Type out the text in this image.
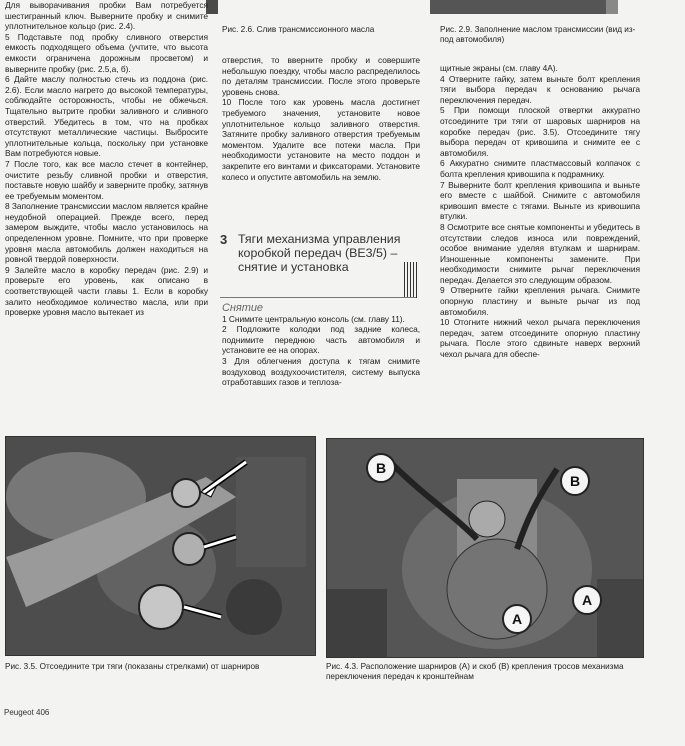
Для выворачивания пробки Вам потребуется шестигранный ключ. Выверните пробку и снимите уплотнительное кольцо (рис. 2.4).

5 Подставьте под пробку сливного отверстия емкость подходящего объема (учтите, что высота емкости ограничена дорожным просветом) и выверните пробку (рис. 2.5,а, б).

6 Дайте маслу полностью стечь из поддона (рис. 2.6). Если масло нагрето до высокой температуры, соблюдайте осторожность, чтобы не обжечься. Тщательно вытрите пробки заливного и сливного отверстий. Убедитесь в том, что на пробках отсутствуют металлические частицы. Выбросите уплотнительные кольца, поскольку при установке Вам потребуются новые.

7 После того, как все масло стечет в контейнер, очистите резьбу сливной пробки и отверстия, поставьте новую шайбу и заверните пробку, затянув ее требуемым моментом.

8 Заполнение трансмиссии маслом является крайне неудобной операцией. Прежде всего, перед замером выждите, чтобы масло установилось на определенном уровне. Помните, что при проверке уровня масла автомобиль должен находиться на ровной твердой поверхности.

9 Залейте масло в коробку передач (рис. 2.9) и проверьте его уровень, как описано в соответствующей части главы 1. Если в коробку залито необходимое количество масла, или при проверке уровня масло вытекает из

Рис. 2.6. Слив трансмиссионного масла

отверстия, то вверните пробку и совершите небольшую поездку, чтобы масло распределилось по деталям трансмиссии. После этого проверьте уровень снова.

10 После того как уровень масла достигнет требуемого значения, установите новое уплотнительное кольцо заливного отверстия. Затяните пробку заливного отверстия требуемым моментом. Удалите все потеки масла. При необходимости установите на место поддон и закрепите его винтами и фиксаторами. Установите колесо и опустите автомобиль на землю.

3 Тяги механизма управления коробкой передач (BE3/5) – снятие и установка

Снятие

1 Снимите центральную консоль (см. главу 11).

2 Подложите колодки под задние колеса, поднимите переднюю часть автомобиля и установите ее на опорах.

3 Для облегчения доступа к тягам снимите воздуховод воздухоочистителя, систему выпуска отработавших газов и теплоза-

Рис. 2.9. Заполнение маслом трансмиссии (вид из-под автомобиля)

щитные экраны (см. главу 4А).

4 Отверните гайку, затем выньте болт крепления тяги выбора передач к основанию рычага переключения передач.

5 При помощи плоской отвертки аккуратно отсоедините три тяги от шаровых шарниров на коробке передач (рис. 3.5). Отсоедините тягу выбора передач от кривошипа и снимите ее с автомобиля.

6 Аккуратно снимите пластмассовый колпачок с болта крепления кривошипа к подрамнику.

7 Выверните болт крепления кривошипа и выньте его вместе с шайбой. Снимите с автомобиля кривошип вместе с тягами. Выньте из кривошипа втулки.

8 Осмотрите все снятые компоненты и убедитесь в отсутствии следов износа или повреждений, особое внимание уделяя втулкам и шарнирам. Изношенные компоненты замените. При необходимости снимите рычаг переключения передач. Делается это следующим образом.

9 Отверните гайки крепления рычага. Снимите опорную пластину и выньте рычаг из под автомобиля.

10 Отогните нижний чехол рычага переключения передач, затем отсоедините опорную пластину рычага. После этого сдвиньте наверх верхний чехол рычага для обеспе-

Рис. 3.5. Отсоедините три тяги (показаны стрелками) от шарниров
B
B
A
A
Рис. 4.3. Расположение шарниров (А) и скоб (В) крепления тросов механизма переключения передач к кронштейнам
Peugeot 406
